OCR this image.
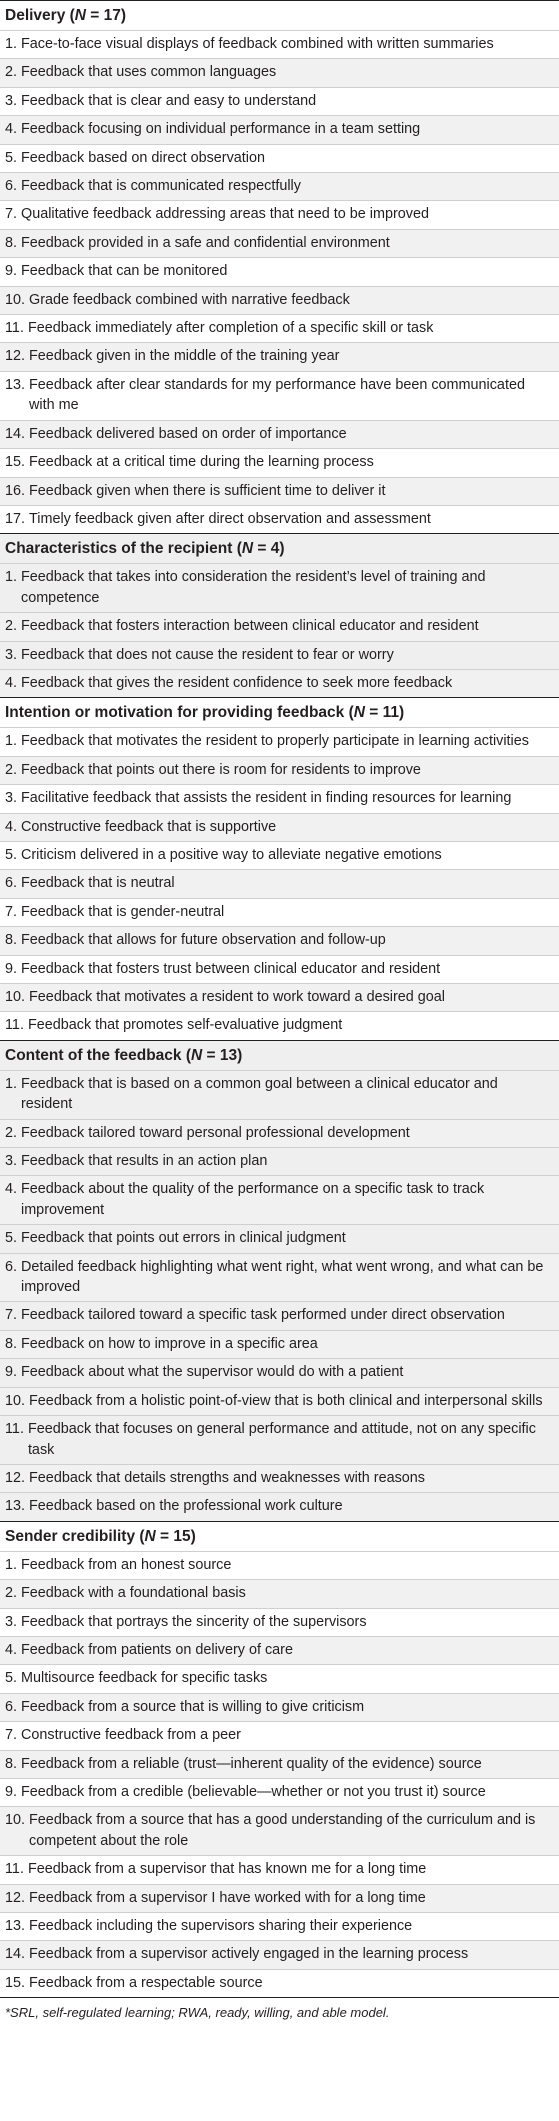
Delivery (N = 17)
1. Face-to-face visual displays of feedback combined with written summaries
2. Feedback that uses common languages
3. Feedback that is clear and easy to understand
4. Feedback focusing on individual performance in a team setting
5. Feedback based on direct observation
6. Feedback that is communicated respectfully
7. Qualitative feedback addressing areas that need to be improved
8. Feedback provided in a safe and confidential environment
9. Feedback that can be monitored
10. Grade feedback combined with narrative feedback
11. Feedback immediately after completion of a specific skill or task
12. Feedback given in the middle of the training year
13. Feedback after clear standards for my performance have been communicated with me
14. Feedback delivered based on order of importance
15. Feedback at a critical time during the learning process
16. Feedback given when there is sufficient time to deliver it
17. Timely feedback given after direct observation and assessment
Characteristics of the recipient (N = 4)
1. Feedback that takes into consideration the resident’s level of training and competence
2. Feedback that fosters interaction between clinical educator and resident
3. Feedback that does not cause the resident to fear or worry
4. Feedback that gives the resident confidence to seek more feedback
Intention or motivation for providing feedback (N = 11)
1. Feedback that motivates the resident to properly participate in learning activities
2. Feedback that points out there is room for residents to improve
3. Facilitative feedback that assists the resident in finding resources for learning
4. Constructive feedback that is supportive
5. Criticism delivered in a positive way to alleviate negative emotions
6. Feedback that is neutral
7. Feedback that is gender-neutral
8. Feedback that allows for future observation and follow-up
9. Feedback that fosters trust between clinical educator and resident
10. Feedback that motivates a resident to work toward a desired goal
11. Feedback that promotes self-evaluative judgment
Content of the feedback (N = 13)
1. Feedback that is based on a common goal between a clinical educator and resident
2. Feedback tailored toward personal professional development
3. Feedback that results in an action plan
4. Feedback about the quality of the performance on a specific task to track improvement
5. Feedback that points out errors in clinical judgment
6. Detailed feedback highlighting what went right, what went wrong, and what can be improved
7. Feedback tailored toward a specific task performed under direct observation
8. Feedback on how to improve in a specific area
9. Feedback about what the supervisor would do with a patient
10. Feedback from a holistic point-of-view that is both clinical and interpersonal skills
11. Feedback that focuses on general performance and attitude, not on any specific task
12. Feedback that details strengths and weaknesses with reasons
13. Feedback based on the professional work culture
Sender credibility (N = 15)
1. Feedback from an honest source
2. Feedback with a foundational basis
3. Feedback that portrays the sincerity of the supervisors
4. Feedback from patients on delivery of care
5. Multisource feedback for specific tasks
6. Feedback from a source that is willing to give criticism
7. Constructive feedback from a peer
8. Feedback from a reliable (trust—inherent quality of the evidence) source
9. Feedback from a credible (believable—whether or not you trust it) source
10. Feedback from a source that has a good understanding of the curriculum and is competent about the role
11. Feedback from a supervisor that has known me for a long time
12. Feedback from a supervisor I have worked with for a long time
13. Feedback including the supervisors sharing their experience
14. Feedback from a supervisor actively engaged in the learning process
15. Feedback from a respectable source
*SRL, self-regulated learning; RWA, ready, willing, and able model.
